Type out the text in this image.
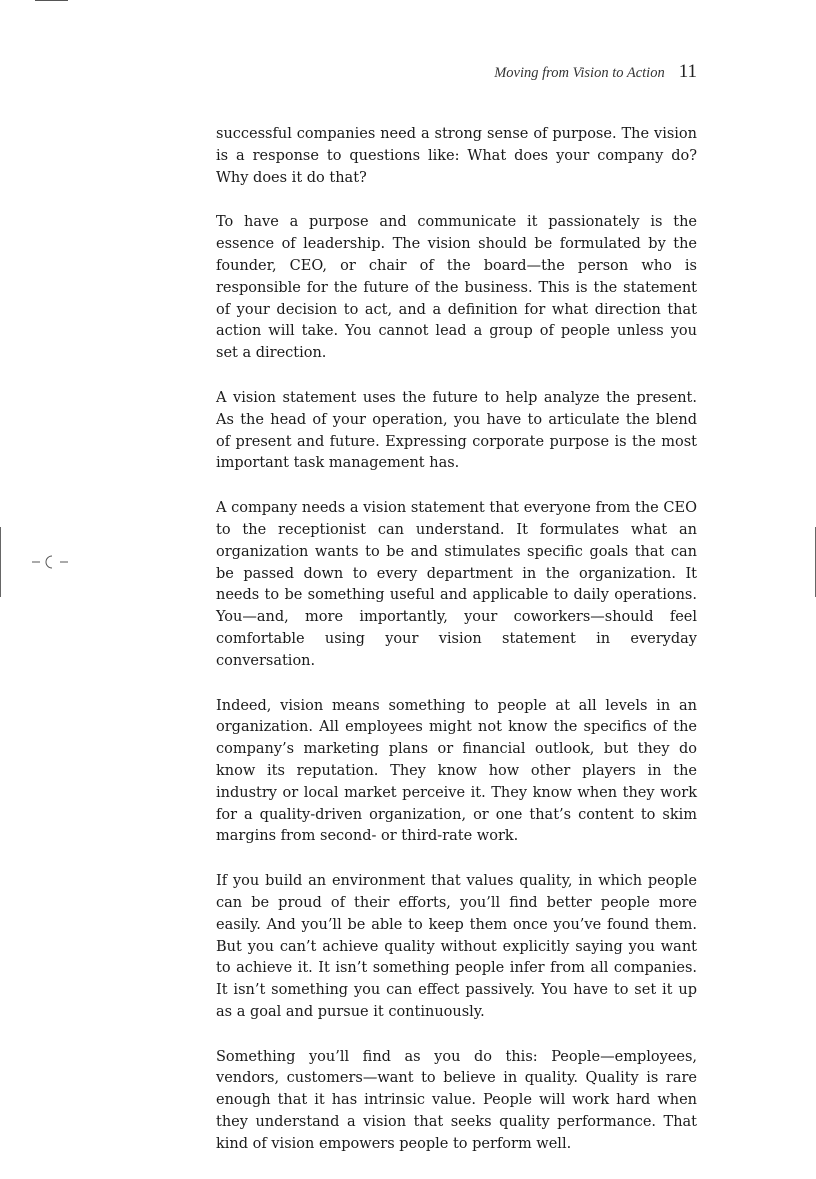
Moving from Vision to Action 11

successful companies need a strong sense of purpose. The vision is a response to questions like: What does your company do? Why does it do that?

To have a purpose and communicate it passionately is the essence of leadership. The vision should be formulated by the founder, CEO, or chair of the board—the person who is responsible for the future of the business. This is the statement of your decision to act, and a definition for what direction that action will take. You cannot lead a group of people unless you set a direction.

A vision statement uses the future to help analyze the present. As the head of your operation, you have to articulate the blend of present and future. Expressing corporate purpose is the most important task management has.

A company needs a vision statement that everyone from the CEO to the receptionist can understand. It formulates what an organization wants to be and stimulates specific goals that can be passed down to every department in the organization. It needs to be something useful and applicable to daily operations. You—and, more importantly, your coworkers—should feel comfortable using your vision statement in everyday conversation.

Indeed, vision means something to people at all levels in an organization. All employees might not know the specifics of the company’s marketing plans or financial outlook, but they do know its reputation. They know how other players in the industry or local market perceive it. They know when they work for a quality-driven organization, or one that’s content to skim margins from second- or third-rate work.

If you build an environment that values quality, in which people can be proud of their efforts, you’ll find better people more easily. And you’ll be able to keep them once you’ve found them. But you can’t achieve quality without explicitly saying you want to achieve it. It isn’t something people infer from all companies. It isn’t something you can effect passively. You have to set it up as a goal and pursue it continuously.

Something you’ll find as you do this: People—employees, vendors, customers—want to believe in quality. Quality is rare enough that it has intrinsic value. People will work hard when they understand a vision that seeks quality performance. That kind of vision empowers people to perform well.
